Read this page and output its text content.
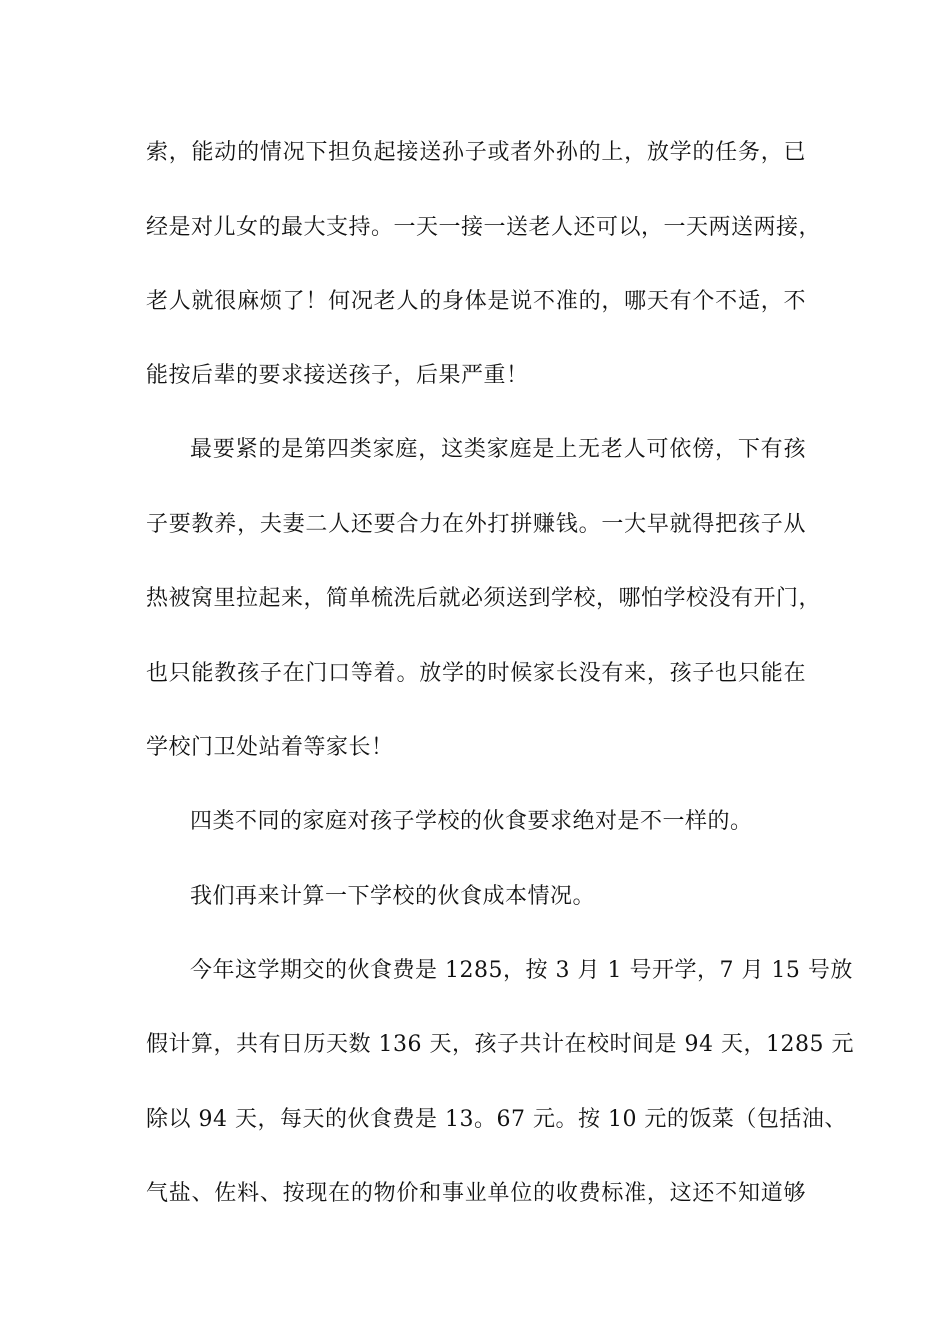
索，能动的情况下担负起接送孙子或者外孙的上，放学的任务，已
经是对儿女的最大支持。一天一接一送老人还可以，一天两送两接，
老人就很麻烦了！何况老人的身体是说不准的，哪天有个不适，不
能按后辈的要求接送孩子，后果严重！
最要紧的是第四类家庭，这类家庭是上无老人可依傍，下有孩
子要教养，夫妻二人还要合力在外打拼赚钱。一大早就得把孩子从
热被窝里拉起来，简单梳洗后就必须送到学校，哪怕学校没有开门，
也只能教孩子在门口等着。放学的时候家长没有来，孩子也只能在
学校门卫处站着等家长！
四类不同的家庭对孩子学校的伙食要求绝对是不一样的。
我们再来计算一下学校的伙食成本情况。
今年这学期交的伙食费是 1285，按 3 月 1 号开学，7 月 15 号放
假计算，共有日历天数 136 天，孩子共计在校时间是 94 天，1285 元
除以 94 天，每天的伙食费是 13。67 元。按 10 元的饭菜（包括油、
气盐、佐料、按现在的物价和事业单位的收费标准，这还不知道够
